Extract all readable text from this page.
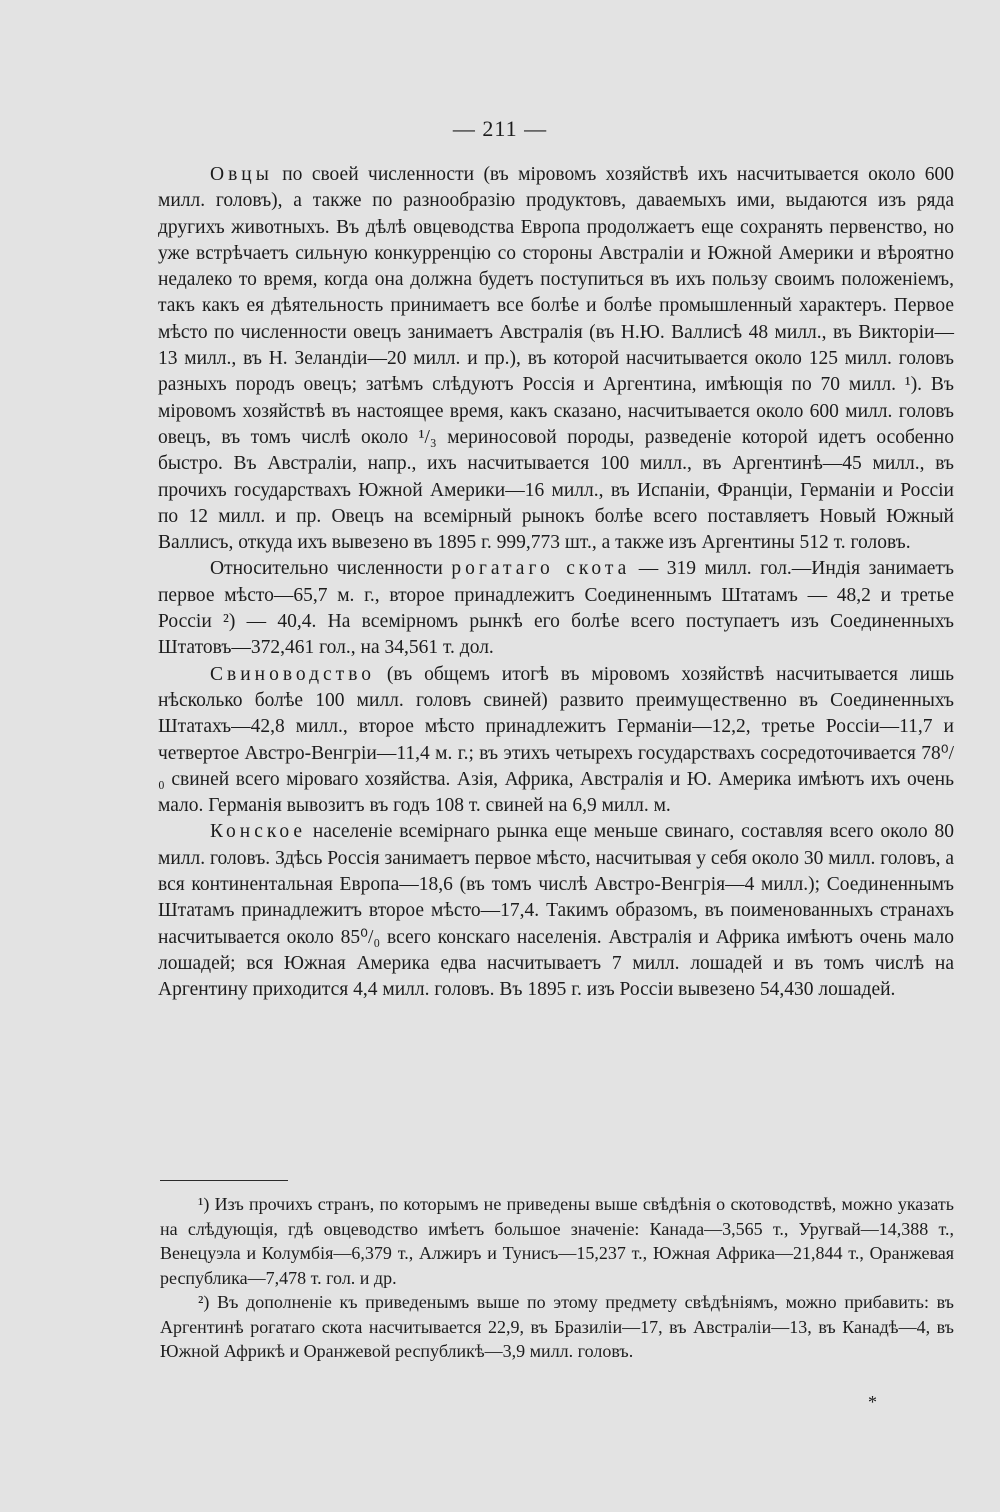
— 211 —

Овцы по своей численности (въ міровомъ хозяйствѣ ихъ насчитывается около 600 милл. головъ), а также по разнообразію продуктовъ, даваемыхъ ими, выдаются изъ ряда другихъ животныхъ. Въ дѣлѣ овцеводства Европа продолжаетъ еще сохранять первенство, но уже встрѣчаетъ сильную конкурренцію со стороны Австраліи и Южной Америки и вѣроятно недалеко то время, когда она должна будетъ поступиться въ ихъ пользу своимъ положеніемъ, такъ какъ ея дѣятельность принимаетъ все болѣе и болѣе промышленный характеръ. Первое мѣсто по численности овецъ занимаетъ Австралія (въ Н.Ю. Валлисѣ 48 милл., въ Викторіи—13 милл., въ Н. Зеландіи—20 милл. и пр.), въ которой насчитывается около 125 милл. головъ разныхъ породъ овецъ; затѣмъ слѣдуютъ Россія и Аргентина, имѣющія по 70 милл. ¹). Въ міровомъ хозяйствѣ въ настоящее время, какъ сказано, насчитывается около 600 милл. головъ овецъ, въ томъ числѣ около ¹/₃ мериносовой породы, разведеніе которой идетъ особенно быстро. Въ Австраліи, напр., ихъ насчитывается 100 милл., въ Аргентинѣ—45 милл., въ прочихъ государствахъ Южной Америки—16 милл., въ Испаніи, Франціи, Германіи и Россіи по 12 милл. и пр. Овецъ на всемірный рынокъ болѣе всего поставляетъ Новый Южный Валлисъ, откуда ихъ вывезено въ 1895 г. 999,773 шт., а также изъ Аргентины 512 т. головъ.

Относительно численности рогатаго скота — 319 милл. гол.—Индія занимаетъ первое мѣсто—65,7 м. г., второе принадлежитъ Соединеннымъ Штатамъ — 48,2 и третье Россіи ²) — 40,4. На всемірномъ рынкѣ его болѣе всего поступаетъ изъ Соединенныхъ Штатовъ—372,461 гол., на 34,561 т. дол.

Свиноводство (въ общемъ итогѣ въ міровомъ хозяйствѣ насчитывается лишь нѣсколько болѣе 100 милл. головъ свиней) развито преимущественно въ Соединенныхъ Штатахъ—42,8 милл., второе мѣсто принадлежитъ Германіи—12,2, третье Россіи—11,7 и четвертое Австро-Венгріи—11,4 м. г.; въ этихъ четырехъ государствахъ сосредоточивается 78⁰/₀ свиней всего міроваго хозяйства. Азія, Африка, Австралія и Ю. Америка имѣютъ ихъ очень мало. Германія вывозитъ въ годъ 108 т. свиней на 6,9 милл. м.

Конское населеніе всемірнаго рынка еще меньше свинаго, составляя всего около 80 милл. головъ. Здѣсь Россія занимаетъ первое мѣсто, насчитывая у себя около 30 милл. головъ, а вся континентальная Европа—18,6 (въ томъ числѣ Австро-Венгрія—4 милл.); Соединеннымъ Штатамъ принадлежитъ второе мѣсто—17,4. Такимъ образомъ, въ поименованныхъ странахъ насчитывается около 85⁰/₀ всего конскаго населенія. Австралія и Африка имѣютъ очень мало лошадей; вся Южная Америка едва насчитываетъ 7 милл. лошадей и въ томъ числѣ на Аргентину приходится 4,4 милл. головъ. Въ 1895 г. изъ Россіи вывезено 54,430 лошадей.

¹) Изъ прочихъ странъ, по которымъ не приведены выше свѣдѣнія о скотоводствѣ, можно указать на слѣдующія, гдѣ овцеводство имѣетъ большое значеніе: Канада—3,565 т., Уругвай—14,388 т., Венецуэла и Колумбія—6,379 т., Алжиръ и Тунисъ—15,237 т., Южная Африка—21,844 т., Оранжевая республика—7,478 т. гол. и др.

²) Въ дополненіе къ приведенымъ выше по этому предмету свѣдѣніямъ, можно прибавить: въ Аргентинѣ рогатаго скота насчитывается 22,9, въ Бразиліи—17, въ Австраліи—13, въ Канадѣ—4, въ Южной Африкѣ и Оранжевой республикѣ—3,9 милл. головъ.

*
